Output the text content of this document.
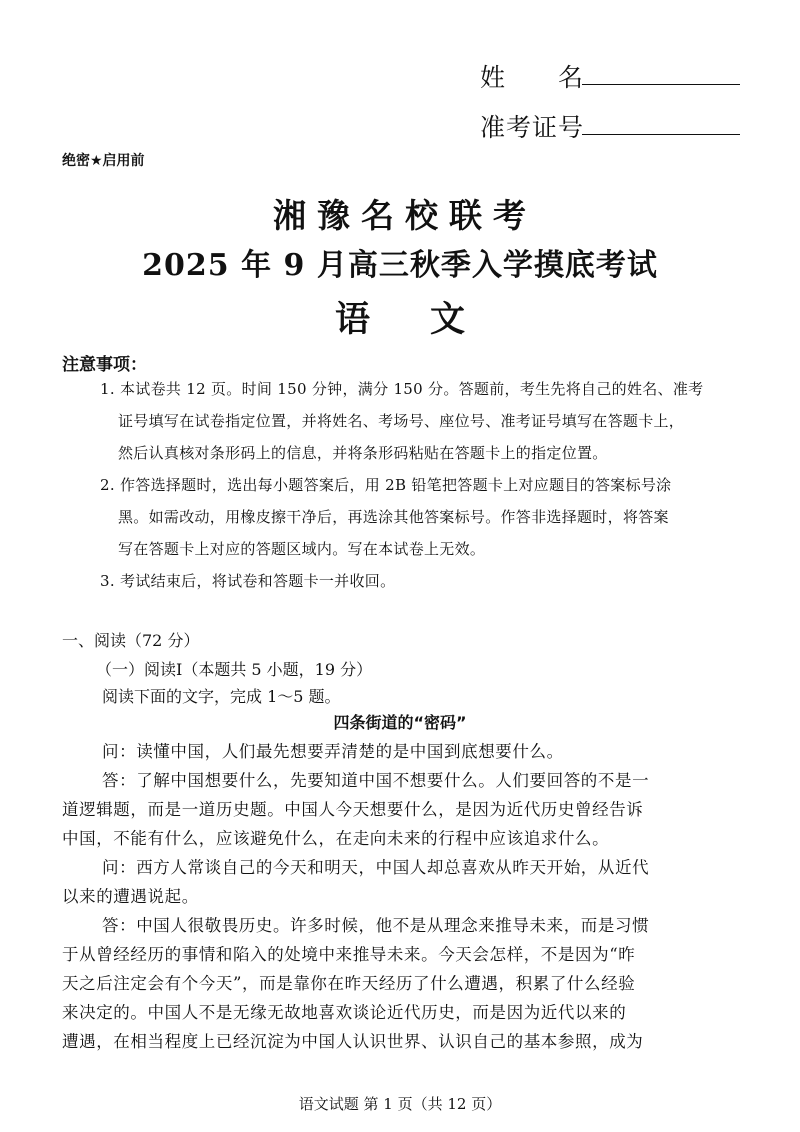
姓　　名
准考证号
绝密★启用前
湘豫名校联考
2025 年 9 月高三秋季入学摸底考试
语 文
注意事项：
1. 本试卷共 12 页。时间 150 分钟，满分 150 分。答题前，考生先将自己的姓名、准考
证号填写在试卷指定位置，并将姓名、考场号、座位号、准考证号填写在答题卡上，
然后认真核对条形码上的信息，并将条形码粘贴在答题卡上的指定位置。
2. 作答选择题时，选出每小题答案后，用 2B 铅笔把答题卡上对应题目的答案标号涂
黑。如需改动，用橡皮擦干净后，再选涂其他答案标号。作答非选择题时，将答案
写在答题卡上对应的答题区域内。写在本试卷上无效。
3. 考试结束后，将试卷和答题卡一并收回。
一、阅读（72 分）
（一）阅读Ⅰ（本题共 5 小题，19 分）
阅读下面的文字，完成 1～5 题。
四条街道的“密码”
问：读懂中国，人们最先想要弄清楚的是中国到底想要什么。
答：了解中国想要什么，先要知道中国不想要什么。人们要回答的不是一
道逻辑题，而是一道历史题。中国人今天想要什么，是因为近代历史曾经告诉
中国，不能有什么，应该避免什么，在走向未来的行程中应该追求什么。
问：西方人常谈自己的今天和明天，中国人却总喜欢从昨天开始，从近代
以来的遭遇说起。
答：中国人很敬畏历史。许多时候，他不是从理念来推导未来，而是习惯
于从曾经经历的事情和陷入的处境中来推导未来。今天会怎样，不是因为“昨
天之后注定会有个今天”，而是靠你在昨天经历了什么遭遇，积累了什么经验
来决定的。中国人不是无缘无故地喜欢谈论近代历史，而是因为近代以来的
遭遇，在相当程度上已经沉淀为中国人认识世界、认识自己的基本参照，成为
语文试题 第 1 页（共 12 页）
